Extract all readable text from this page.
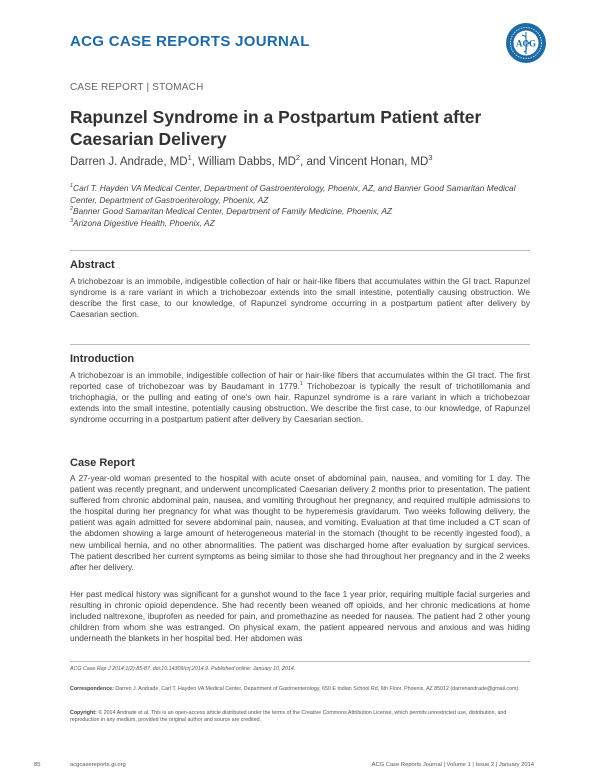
ACG CASE REPORTS JOURNAL	ACG
CASE REPORT | STOMACH
Rapunzel Syndrome in a Postpartum Patient after Caesarian Delivery
Darren J. Andrade, $MD^1$, William Dabbs, $MD^2$, and Vincent Honan, $MD^3$

$^1$Carl T. Hayden VA Medical Center, Department of Gastroenterology, Phoenix, AZ, and Banner Good Samaritan Medical Center, Department of Gastroenterology, Phoenix, AZ

$^2$Banner Good Samaritan Medical Center, Department of Family Medicine, Phoenix, AZ

$^3$Arizona Digestive Health, Phoenix, AZ

Abstract

A trichobezoar is an immobile, indigestible collection of hair or hair-like fibers that accumulates within the GI tract. Rapunzel syndrome is a rare variant in which a trichobezoar extends into the small intestine, potentially causing obstruction. We describe the first case, to our knowledge, of Rapunzel syndrome occurring in a postpartum patient after delivery by Caesarian section.

Introduction

A trichobezoar is an immobile, indigestible collection of hair or hair-like fibers that accumulates within the GI tract. The first reported case of trichobezoar was by Baudamant in 1779.$^1$ Trichobezoar is typically the result of trichotillomania and trichophagia, or the pulling and eating of one's own hair. Rapunzel syndrome is a rare variant in which a trichobezoar extends into the small intestine, potentially causing obstruction. We describe the first case, to our knowledge, of Rapunzel syndrome occurring in a postpartum patient after delivery by Caesarian section.

Case Report

A 27-year-old woman presented to the hospital with acute onset of abdominal pain, nausea, and vomiting for 1 day. The patient was recently pregnant, and underwent uncomplicated Caesarian delivery 2 months prior to presentation. The patient suffered from chronic abdominal pain, nausea, and vomiting throughout her pregnancy, and required multiple admissions to the hospital during her pregnancy for what was thought to be hyperemesis gravidarum. Two weeks following delivery, the patient was again admitted for severe abdominal pain, nausea, and vomiting. Evaluation at that time included a CT scan of the abdomen showing a large amount of heterogeneous material in the stomach (thought to be recently ingested food), a new umbilical hernia, and no other abnormalities. The patient was discharged home after evaluation by surgical services. The patient described her current symptoms as being similar to those she had throughout her pregnancy and in the 2 weeks after her delivery.

Her past medical history was significant for a gunshot wound to the face 1 year prior, requiring multiple facial surgeries and resulting in chronic opioid dependence. She had recently been weaned off opioids, and her chronic medications at home included naltrexone, ibuprofen as needed for pain, and promethazine as needed for nausea. The patient had 2 other young children from whom she was estranged. On physical exam, the patient appeared nervous and anxious and was hiding underneath the blankets in her hospital bed. Her abdomen was

ACG Case Rep J 2014;1(2):85-87. doi:10.14309/crj.2014.9. Published online: January 10, 2014.

Correspondence: Darren J. Andrade, Carl T. Hayden VA Medical Center, Department of Gastroenterology, 650 E Indian School Rd, 6th Floor, Phoenix, AZ 85012 (darrenandrade@gmail.com).

Copyright: © 2014 Andrade et al. This is an open-access article distributed under the terms of the Creative Commons Attribution License, which permits unrestricted use, distribution, and reproduction in any medium, provided the original author and source are credited.

85	acgcasereports.gi.org	ACG Case Reports Journal | Volume 1 | Issue 2 | January 2014
